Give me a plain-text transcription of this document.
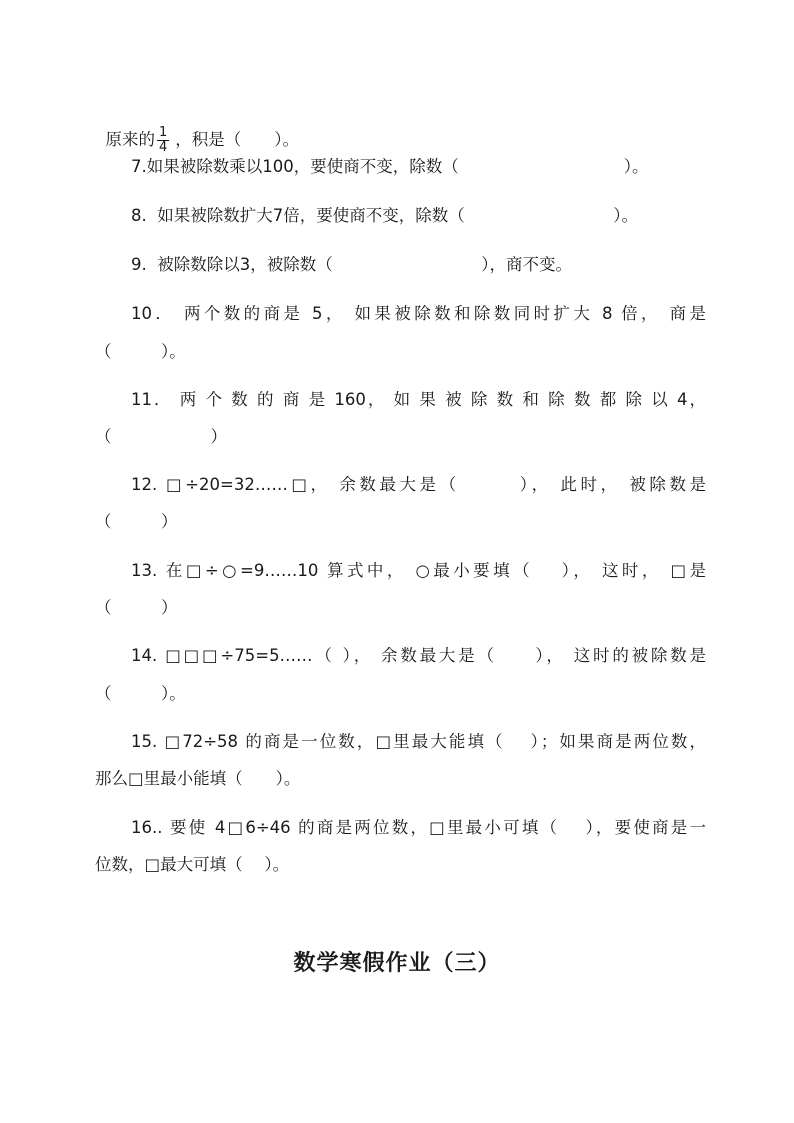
原来的 $\frac{1}{4}$ ，积是（　　）。

7.如果被除数乘以100，要使商不变，除数（　　　　　　　　　　）。
8.  如果被除数扩大7倍，要使商不变，除数（　　　　　　　　　）。
9.  被除数除以3，被除数（　　　　　　　　　），商不变。
10． 两个数的商是 5， 如果被除数和除数同时扩大 8 倍， 商是
（　　　）。
11． 两 个 数 的 商 是 160， 如 果 被 除 数 和 除 数 都 除 以 4，
（　　　　　　）
12. □÷20=32……□， 余数最大是（　　　）， 此时， 被除数是
（　　　）
13. 在□÷○=9……10 算式中， ○最小要填（　 ）， 这时， □是
（　　　）
14. □□□÷75=5……（ ）， 余数最大是（　　）， 这时的被除数是
（　　　）。
15. □72÷58 的商是一位数，□里最大能填（　 ）；如果商是两位数，
那么□里最小能填（　　）。
16.. 要使 4□6÷46 的商是两位数，□里最小可填（　 ），要使商是一
位数，□最大可填（　 ）。
数学寒假作业（三）
